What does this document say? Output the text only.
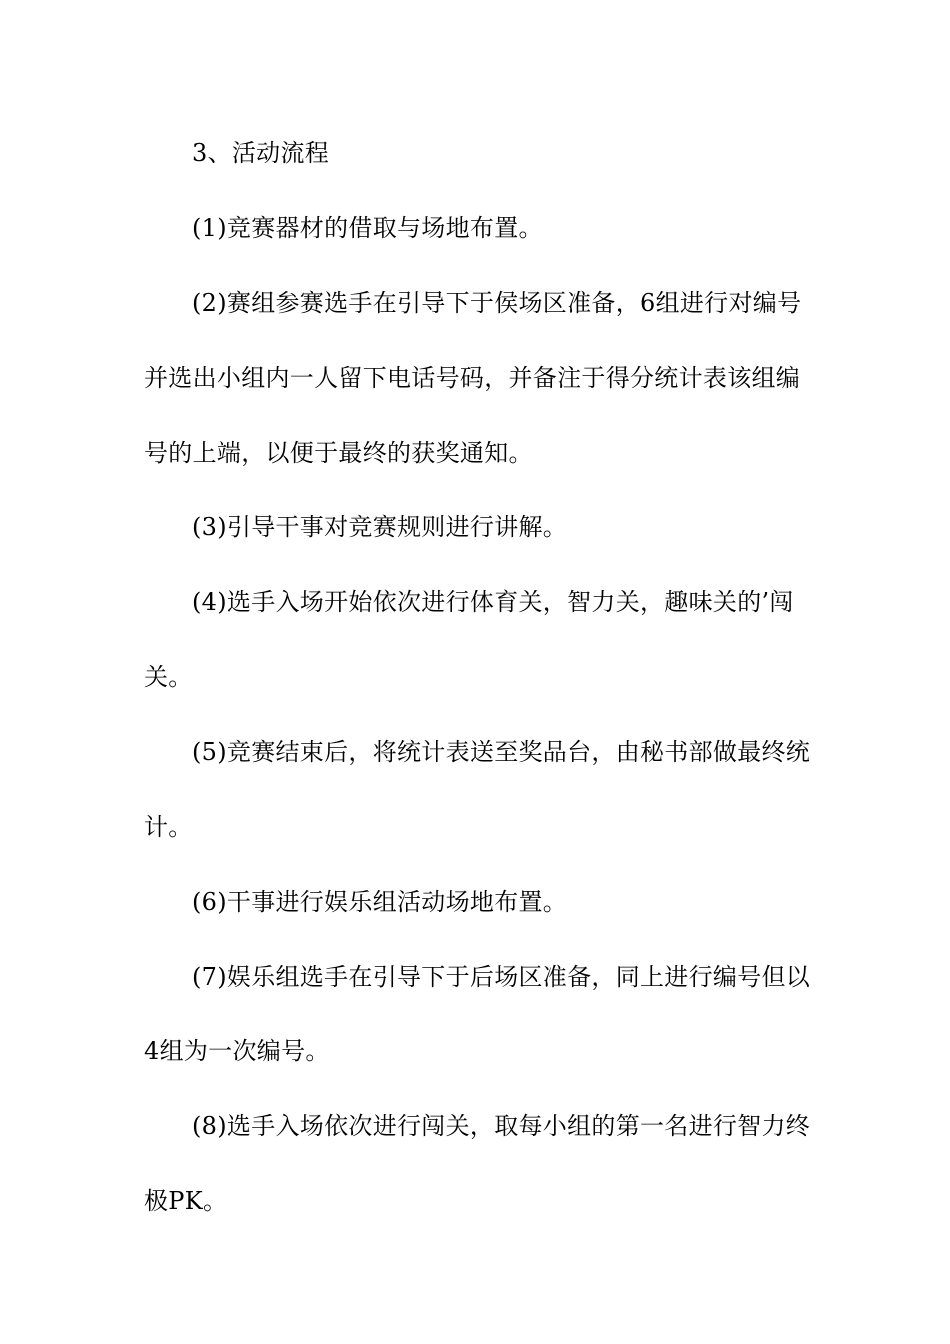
3、活动流程
(1)竞赛器材的借取与场地布置。
(2)赛组参赛选手在引导下于侯场区准备，6组进行对编号
并选出小组内一人留下电话号码，并备注于得分统计表该组编
号的上端，以便于最终的获奖通知。
(3)引导干事对竞赛规则进行讲解。
(4)选手入场开始依次进行体育关，智力关，趣味关的’闯
关。
(5)竞赛结束后，将统计表送至奖品台，由秘书部做最终统
计。
(6)干事进行娱乐组活动场地布置。
(7)娱乐组选手在引导下于后场区准备，同上进行编号但以
4组为一次编号。
(8)选手入场依次进行闯关，取每小组的第一名进行智力终
极PK。
